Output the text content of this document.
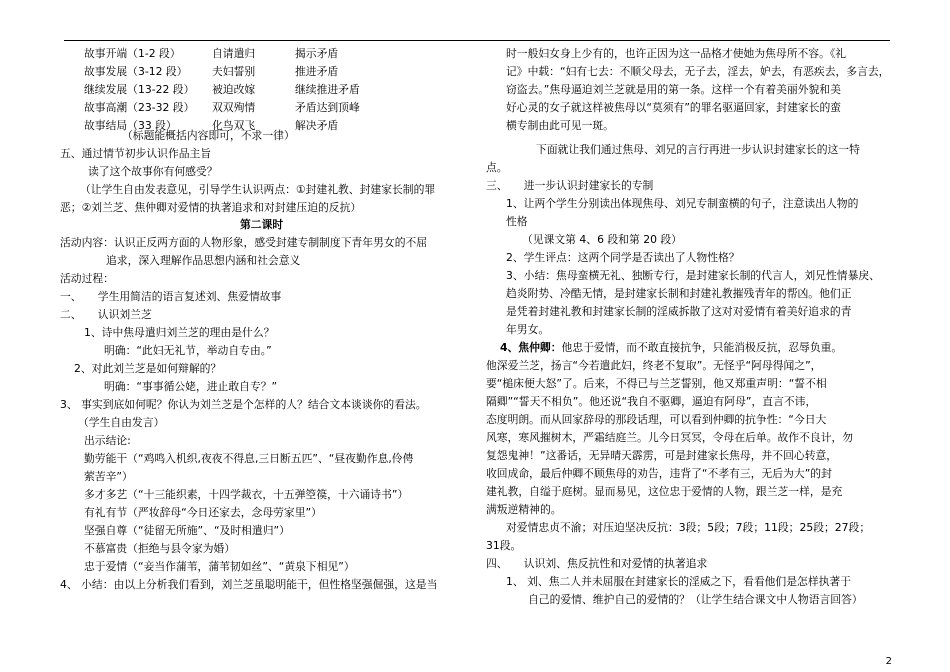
故事开端（1-2 段）	自请遣归	揭示矛盾
故事发展（3-12 段） 夫妇誓别	推进矛盾
继续发展（13-22 段） 被迫改嫁	继续推进矛盾
故事高潮（23-32 段） 双双殉情	矛盾达到顶峰
故事结局（33 段）	化鸟双飞	解决矛盾
（标题能概括内容即可，不求一律）
五、通过情节初步认识作品主旨
读了这个故事你有何感受？
（让学生自由发表意见，引导学生认识两点：①封建礼教、封建家长制的罪
恶；②刘兰芝、焦仲卿对爱情的执著追求和对封建压迫的反抗）
第二课时
活动内容：认识正反两方面的人物形象，感受封建专制制度下青年男女的不屈
追求，深入理解作品思想内涵和社会意义
活动过程：
一、　　学生用简洁的语言复述刘、焦爱情故事
二、　　认识刘兰芝
1、诗中焦母遣归刘兰芝的理由是什么？
明确：“此妇无礼节，举动自专由。”
2、对此刘兰芝是如何辩解的？
明确：“事事循公姥，进止敢自专？”
3、 事实到底如何呢？你认为刘兰芝是个怎样的人？结合文本谈谈你的看法。
（学生自由发言）
出示结论:
勤劳能干（“鸡鸣入机织,夜夜不得息,三日断五匹”、“昼夜勤作息,伶俜
萦苦辛”）
多才多艺（“十三能织素，十四学裁衣，十五弹箜篌，十六诵诗书”）
有礼有节（严妆辞母“今日还家去，念母劳家里”）
坚强自尊（“徒留无所施”、“及时相遣归”）
不慕富贵（拒绝与县令家为婚）
忠于爱情（“妾当作蒲苇，蒲苇韧如丝”、“黄泉下相见”）
4、 小结：由以上分析我们看到，刘兰芝虽聪明能干，但性格坚强倔强，这是当
时一般妇女身上少有的，也许正因为这一品格才使她为焦母所不容。《礼
记》中载：“妇有七去：不顺父母去，无子去，淫去，妒去，有恶疾去，多言去，
窃盗去。”焦母逼迫刘兰芝就是用的第一条。这样一个有着美丽外貌和美
好心灵的女子就这样被焦母以“莫须有”的罪名驱逼回家，封建家长的蛮
横专制由此可见一斑。
下面就让我们通过焦母、刘兄的言行再进一步认识封建家长的这一特
点。
三、　　进一步认识封建家长的专制
1、让两个学生分别读出体现焦母、刘兄专制蛮横的句子，注意读出人物的
性格
（见课文第 4、6 段和第 20 段）
2、学生评点：这两个同学是否读出了人物性格？
3、小结：焦母蛮横无礼、独断专行，是封建家长制的代言人，刘兄性情暴戾、
趋炎附势、冷酷无情，是封建家长制和封建礼教摧残青年的帮凶。他们正
是凭着封建礼教和封建家长制的淫威拆散了这对对爱情有着美好追求的青
年男女。
4、焦仲卿：他忠于爱情，而不敢直接抗争，只能消极反抗，忍辱负重。
他深爱兰芝，扬言“今若遣此妇，终老不复取”。无怪乎“阿母得闻之”，
要“槌床便大怒”了。后来，不得已与兰芝誓别，他又郑重声明：“誓不相
隔卿”“誓天不相负”。他还说“我自不驱卿，逼迫有阿母”，直言不讳，
态度明朗。而从回家辞母的那段话理，可以看到仲卿的抗争性：“今日大
风寒，寒风摧树木，严霜结庭兰。儿今日冥冥，令母在后单。故作不良计，勿
复怨鬼神！”这番话，无异晴天霹雳，可是封建家长焦母，并不回心转意，
收回成命，最后仲卿不顾焦母的劝告，违背了“不孝有三，无后为大”的封
建礼教，自缢于庭树。显而易见，这位忠于爱情的人物，跟兰芝一样，是充
满叛逆精神的。
对爱情忠贞不渝；对压迫坚决反抗：3段；5段；7段；11段；25段；27段；
31段。
四、　　认识刘、焦反抗性和对爱情的执著追求
1、 刘、焦二人并未屈服在封建家长的淫威之下，看看他们是怎样执著于
自己的爱情、维护自己的爱情的？（让学生结合课文中人物语言回答）
2
